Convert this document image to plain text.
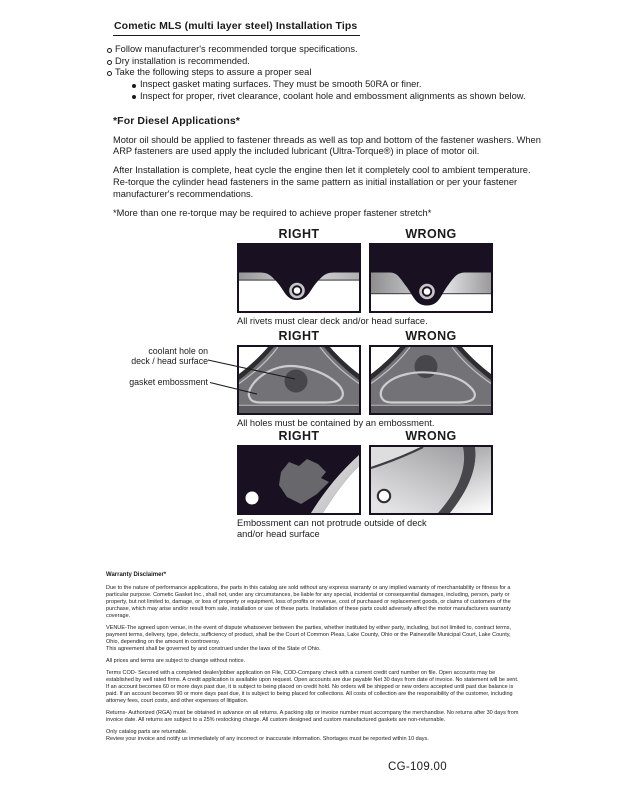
Cometic MLS (multi layer steel) Installation Tips
Follow manufacturer's recommended torque specifications.
Dry installation is recommended.
Take the following steps to assure a proper seal
Inspect gasket mating surfaces. They must be smooth 50RA or finer.
Inspect for proper, rivet clearance, coolant hole and embossment alignments as shown below.
*For Diesel Applications*

Motor oil should be applied to fastener threads as well as top and bottom of the fastener washers. When ARP fasteners are used apply the included lubricant (Ultra-Torque®) in place of motor oil.

After Installation is complete, heat cycle the engine then let it completely cool to ambient temperature. Re-torque the cylinder head fasteners in the same pattern as initial installation or per your fastener manufacturer's recommendations.

*More than one re-torque may be required to achieve proper fastener stretch*

RIGHT	WRONG
All rivets must clear deck and/or head surface.
RIGHT	WRONG
All holes must be contained by an embossment.
coolant hole on
deck / head surface
gasket embossment
RIGHT	WRONG
Embossment can not protrude outside of deck
and/or head surface
Warranty Disclaimer*

Due to the nature of performance applications, the parts in this catalog are sold without any express warranty or any implied warranty of merchantability or fitness for a particular purpose. Cometic Gasket Inc., shall not, under any circumstances, be liable for any special, incidental or consequential damages, including, person, party or property, but not limited to, damage, or loss of property or equipment, loss of profits or revenue, cost of purchased or replacement goods, or claims of customers of the purchase, which may arise and/or result from sale, installation or use of these parts. Installation of these parts could adversely affect the motor manufacturers warranty coverage.

VENUE-The agreed upon venue, in the event of dispute whatsoever between the parties, whether instituted by either party, including, but not limited to, contract terms, payment terms, delivery, type, defects, sufficiency of product, shall be the Court of Common Pleas, Lake County, Ohio or the Painesville Municipal Court, Lake County, Ohio, depending on the amount in controversy.
This agreement shall be governed by and construed under the laws of the State of Ohio.

All prices and terms are subject to change without notice.

Terms COD- Secured with a completed dealer/jobber application on File, COD-Company check with a current credit card number on file. Open accounts may be established by well rated firms. A credit application is available upon request. Open accounts are due payable Net 30 days from date of invoice. No statement will be sent. If an account becomes 60 or more days past due, it is subject to being placed on credit hold. No orders will be shipped or new orders accepted until past due balance is paid. If an account becomes 90 or more days past due, it is subject to being placed for collections. All costs of collection are the responsibility of the customer, including attorney fees, court costs, and other expenses of litigation.

Returns- Authorized (RGA) must be obtained in advance on all returns. A packing slip or invoice number must accompany the merchandise. No returns after 30 days from invoice date. All returns are subject to a 25% restocking charge. All custom designed and custom manufactured gaskets are non-returnable.

Only catalog parts are returnable.
Review your invoice and notify us immediately of any incorrect or inaccurate information. Shortages must be reported within 10 days.

CG-109.00
